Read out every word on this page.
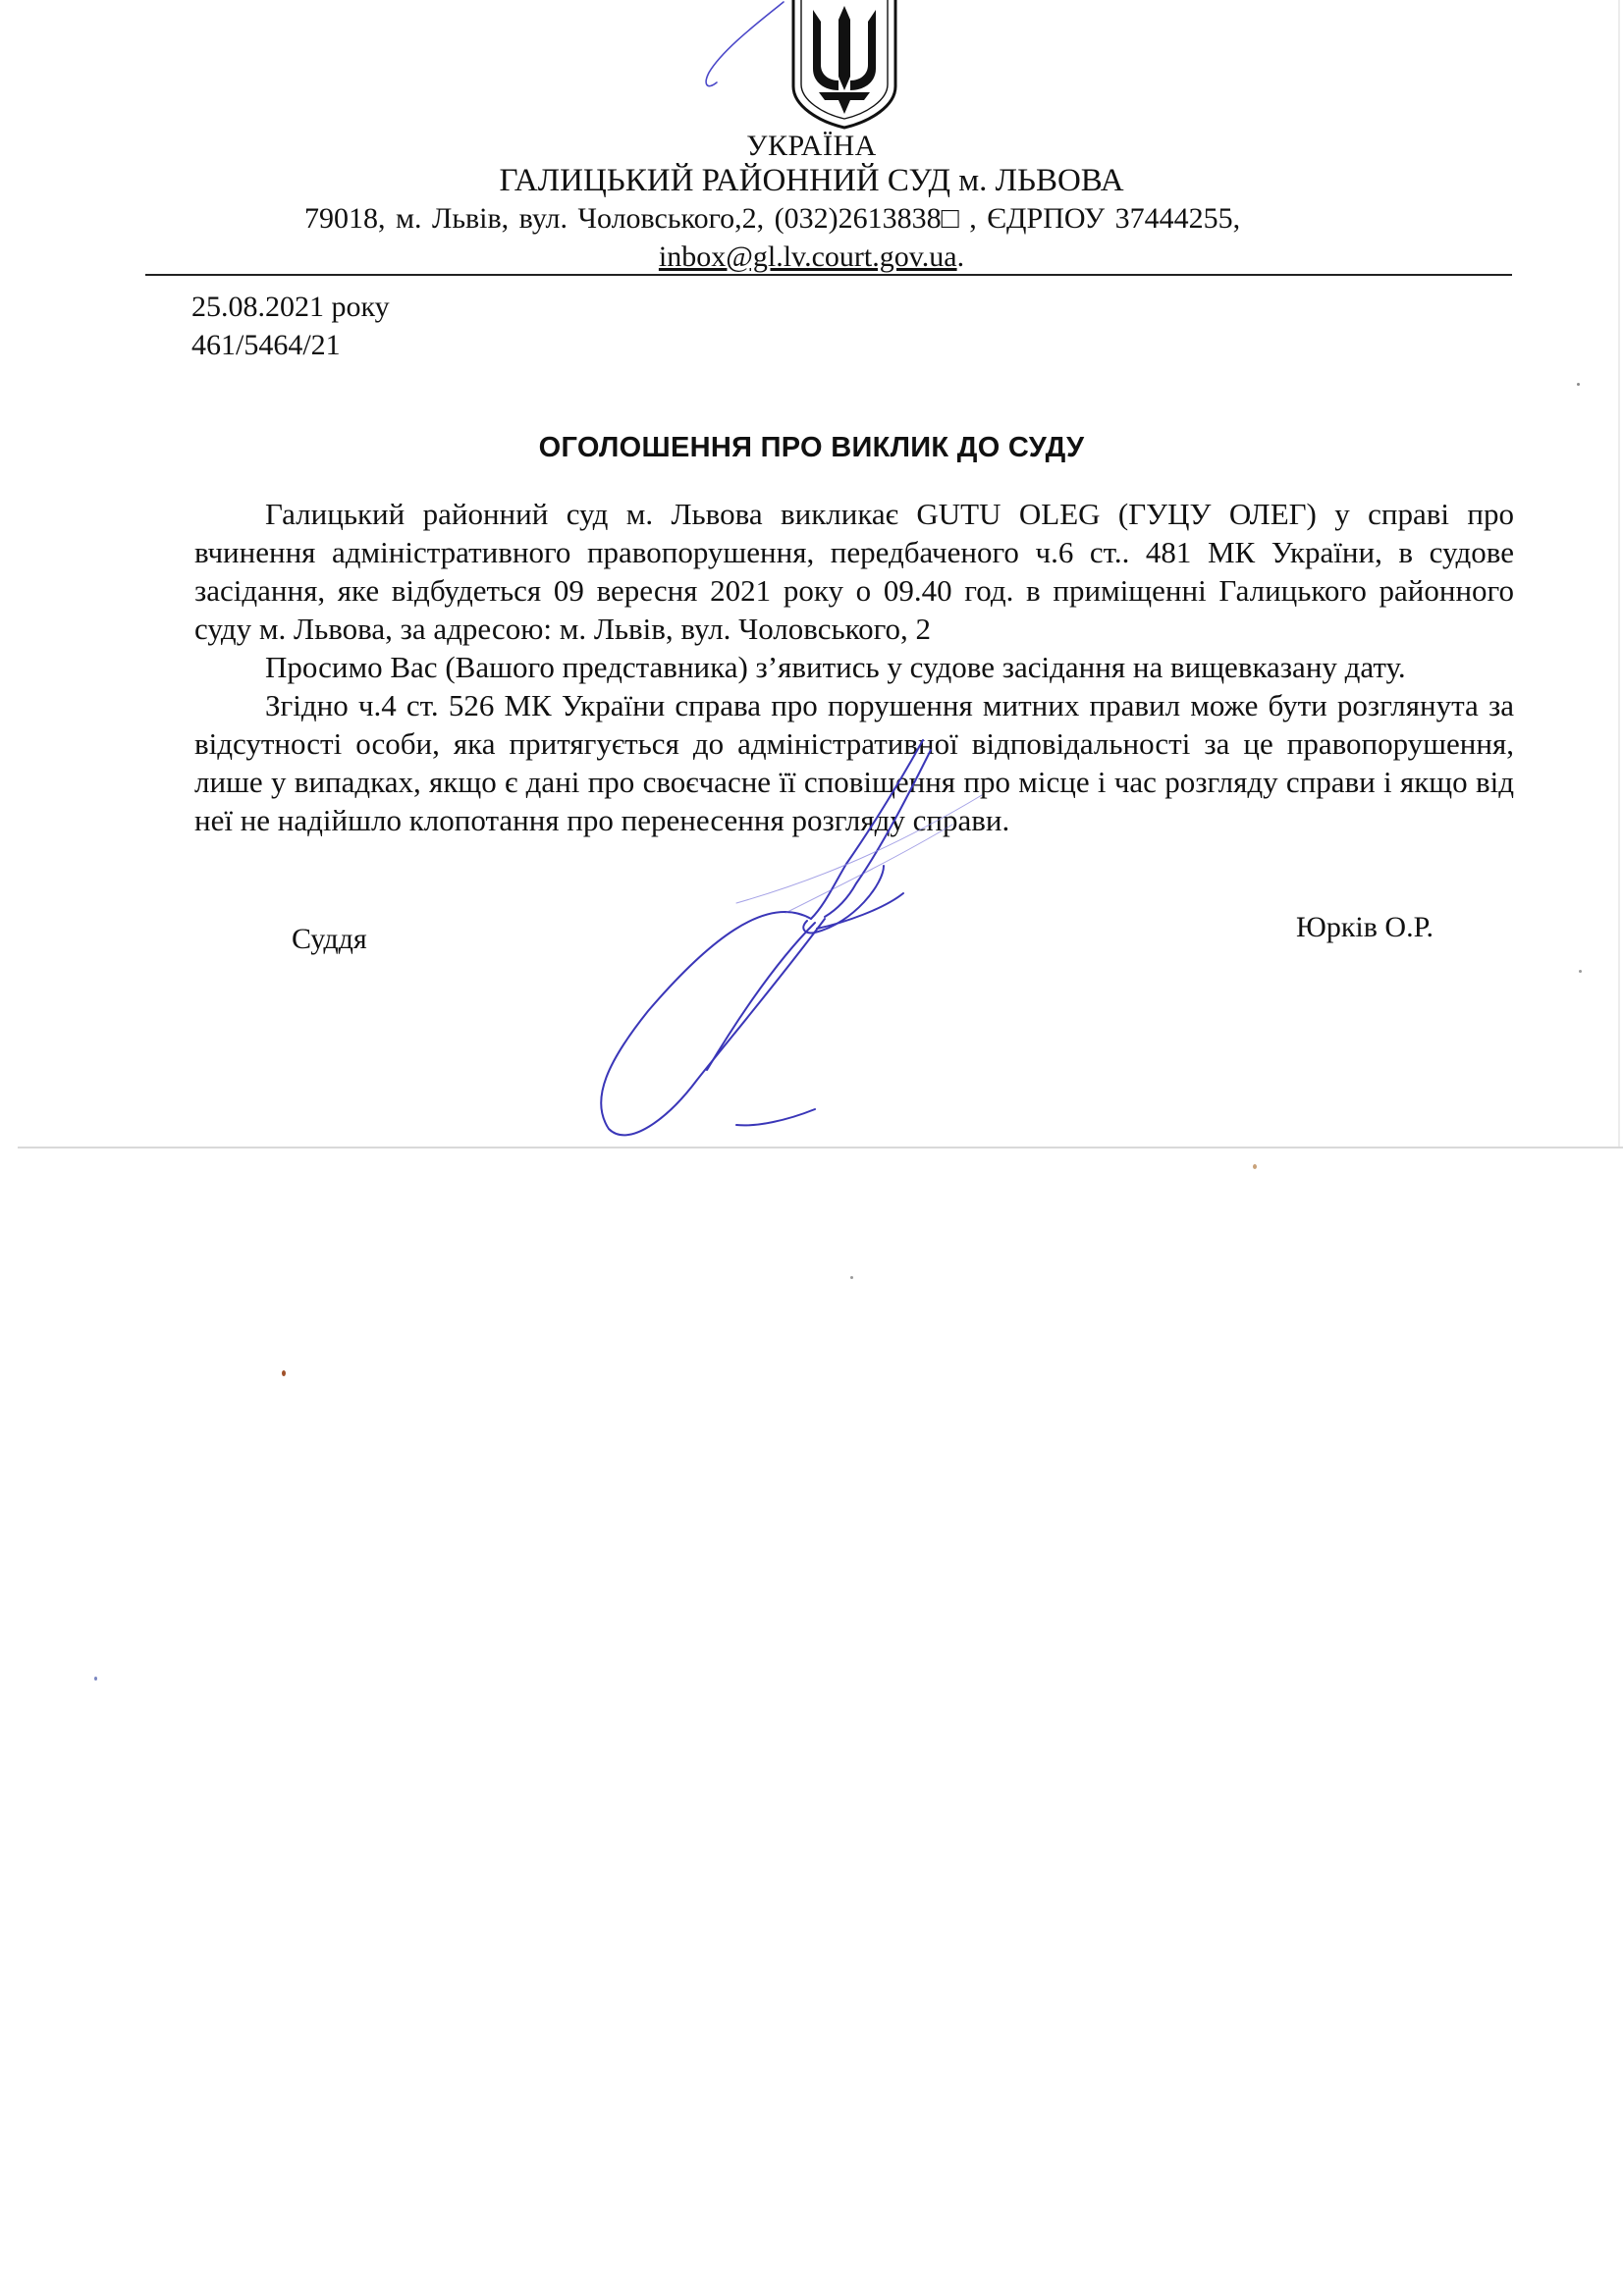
УКРАЇНА
ГАЛИЦЬКИЙ РАЙОННИЙ СУД м. ЛЬВОВА
79018, м. Львів, вул. Чоловського,2, (032)2613838□ , ЄДРПОУ 37444255,
inbox@gl.lv.court.gov.ua.
25.08.2021 року
461/5464/21
ОГОЛОШЕННЯ ПРО ВИКЛИК ДО СУДУ

Галицький районний суд м. Львова викликає GUTU OLEG (ГУЦУ ОЛЕГ) у справі про вчинення адміністративного правопорушення, передбаченого ч.6 ст.. 481 МК України, в судове засідання, яке відбудеться 09 вересня 2021 року о 09.40 год. в приміщенні Галицького районного суду м. Львова, за адресою: м. Львів, вул. Чоловського, 2

Просимо Вас (Вашого представника) з’явитись у судове засідання на вищевказану дату.

Згідно ч.4 ст. 526 МК України справа про порушення митних правил може бути розглянута за відсутності особи, яка притягується до адміністративної відповідальності за це правопорушення, лише у випадках, якщо є дані про своєчасне її сповіщення про місце і час розгляду справи і якщо від неї не надійшло клопотання про перенесення розгляду справи.

Суддя	Юрків О.Р.
